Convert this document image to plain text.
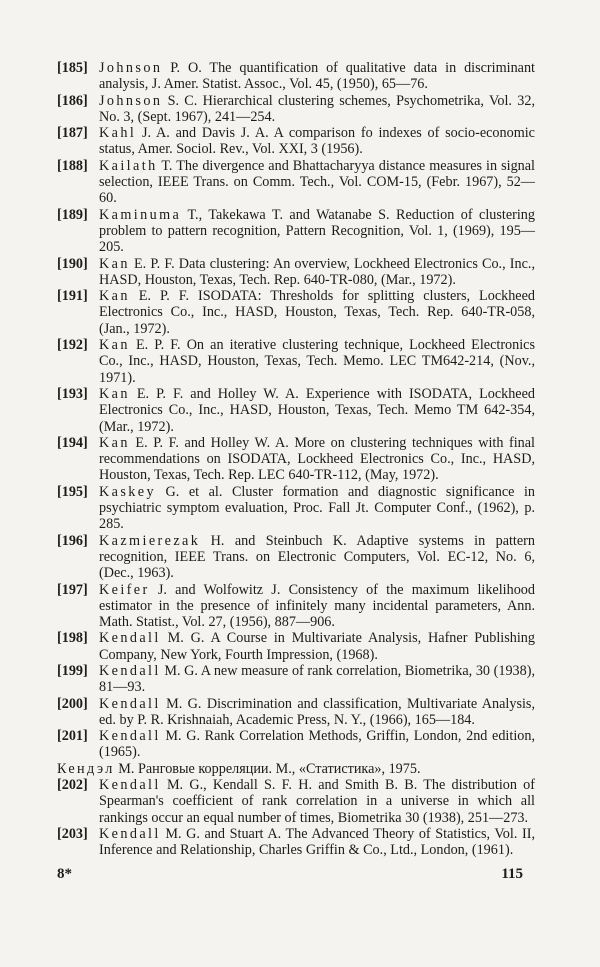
[185] Johnson P. O. The quantification of qualitative data in discriminant analysis, J. Amer. Statist. Assoc., Vol. 45, (1950), 65—76.
[186] Johnson S. C. Hierarchical clustering schemes, Psychometrika, Vol. 32, No. 3, (Sept. 1967), 241—254.
[187] Kahl J. A. and Davis J. A. A comparison fo indexes of socio-economic status, Amer. Sociol. Rev., Vol. XXI, 3 (1956).
[188] Kailath T. The divergence and Bhattacharyya distance measures in signal selection, IEEE Trans. on Comm. Tech., Vol. COM-15, (Febr. 1967), 52—60.
[189] Kaminuma T., Takekawa T. and Watanabe S. Reduction of clustering problem to pattern recognition, Pattern Recognition, Vol. 1, (1969), 195—205.
[190] Kan E. P. F. Data clustering: An overview, Lockheed Electronics Co., Inc., HASD, Houston, Texas, Tech. Rep. 640-TR-080, (Mar., 1972).
[191] Kan E. P. F. ISODATA: Thresholds for splitting clusters, Lockheed Electronics Co., Inc., HASD, Houston, Texas, Tech. Rep. 640-TR-058, (Jan., 1972).
[192] Kan E. P. F. On an iterative clustering technique, Lockheed Electronics Co., Inc., HASD, Houston, Texas, Tech. Memo. LEC TM642-214, (Nov., 1971).
[193] Kan E. P. F. and Holley W. A. Experience with ISODATA, Lockheed Electronics Co., Inc., HASD, Houston, Texas, Tech. Memo TM 642-354, (Mar., 1972).
[194] Kan E. P. F. and Holley W. A. More on clustering techniques with final recommendations on ISODATA, Lockheed Electronics Co., Inc., HASD, Houston, Texas, Tech. Rep. LEC 640-TR-112, (May, 1972).
[195] Kaskey G. et al. Cluster formation and diagnostic significance in psychiatric symptom evaluation, Proc. Fall Jt. Computer Conf., (1962), p. 285.
[196] Kazmierezak H. and Steinbuch K. Adaptive systems in pattern recognition, IEEE Trans. on Electronic Computers, Vol. EC-12, No. 6, (Dec., 1963).
[197] Keifer J. and Wolfowitz J. Consistency of the maximum likelihood estimator in the presence of infinitely many incidental parameters, Ann. Math. Statist., Vol. 27, (1956), 887—906.
[198] Kendall M. G. A Course in Multivariate Analysis, Hafner Publishing Company, New York, Fourth Impression, (1968).
[199] Kendall M. G. A new measure of rank correlation, Biometrika, 30 (1938), 81—93.
[200] Kendall M. G. Discrimination and classification, Multivariate Analysis, ed. by P. R. Krishnaiah, Academic Press, N. Y., (1966), 165—184.
[201] Kendall M. G. Rank Correlation Methods, Griffin, London, 2nd edition, (1965).
Кендэл М. Ранговые корреляции. М., «Статистика», 1975.
[202] Kendall M. G., Kendall S. F. H. and Smith B. B. The distribution of Spearman's coefficient of rank correlation in a universe in which all rankings occur an equal number of times, Biometrika 30 (1938), 251—273.
[203] Kendall M. G. and Stuart A. The Advanced Theory of Statistics, Vol. II, Inference and Relationship, Charles Griffin & Co., Ltd., London, (1961).
8*	115
